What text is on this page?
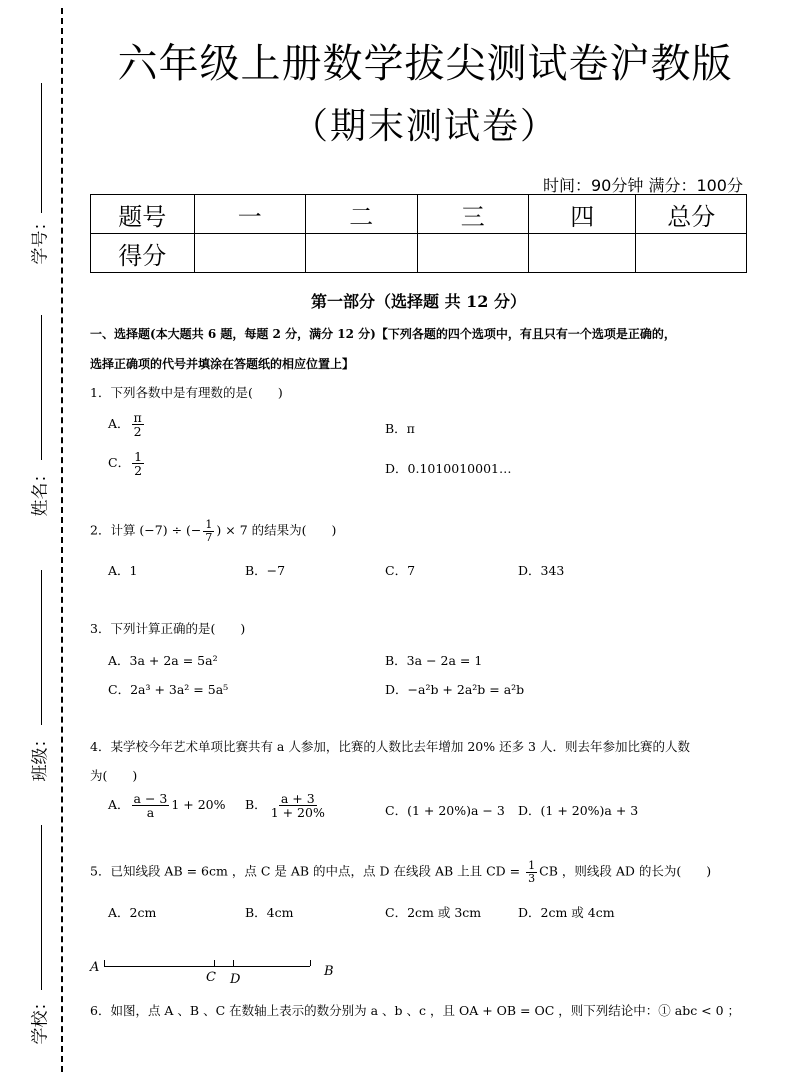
学号：
姓名：
班级：
学校：
六年级上册数学拔尖测试卷沪教版
（期末测试卷）
时间：90分钟 满分：100分
题号	一	二	三	四	总分
得分					
第一部分（选择题 共 12 分）
一、选择题(本大题共 6 题，每题 2 分，满分 12 分)【下列各题的四个选项中，有且只有一个选项是正确的，
选择正确项的代号并填涂在答题纸的相应位置上】
1．下列各数中是有理数的是(　　)
A． $\frac{\pi}{2}$	B．π
C． $\frac{1}{2}$	D．0.1010010001…
2．计算 (−7) ÷ (− $\frac{1}{7}$ ) × 7 的结果为(　　)
A．1	B．−7	C．7	D．343
3．下列计算正确的是(　　)
A．3a + 2a = 5a²	B．3a − 2a = 1
C．2a³ + 3a² = 5a⁵	D．−a²b + 2a²b = a²b
4．某学校今年艺术单项比赛共有 a 人参加，比赛的人数比去年增加 20% 还多 3 人．则去年参加比赛的人数
为(　　)
A． $\frac{a - 3}{a} 1 + 20\%$ B． $\frac{a + 3}{1 + 20\%}$	C．(1 + 20%)a − 3 D．(1 + 20%)a + 3
5．已知线段 AB = 6cm ，点 C 是 AB 的中点，点 D 在线段 AB 上且 CD = $\frac{1}{3}$ CB ，则线段 AD 的长为(　　)
A．2cm	B．4cm	C．2cm 或 3cm	D．2cm 或 4cm
A
C D
B
6．如图，点 A 、B 、C 在数轴上表示的数分别为 a 、b 、c ，且 OA + OB = OC ，则下列结论中：① abc < 0 ；
